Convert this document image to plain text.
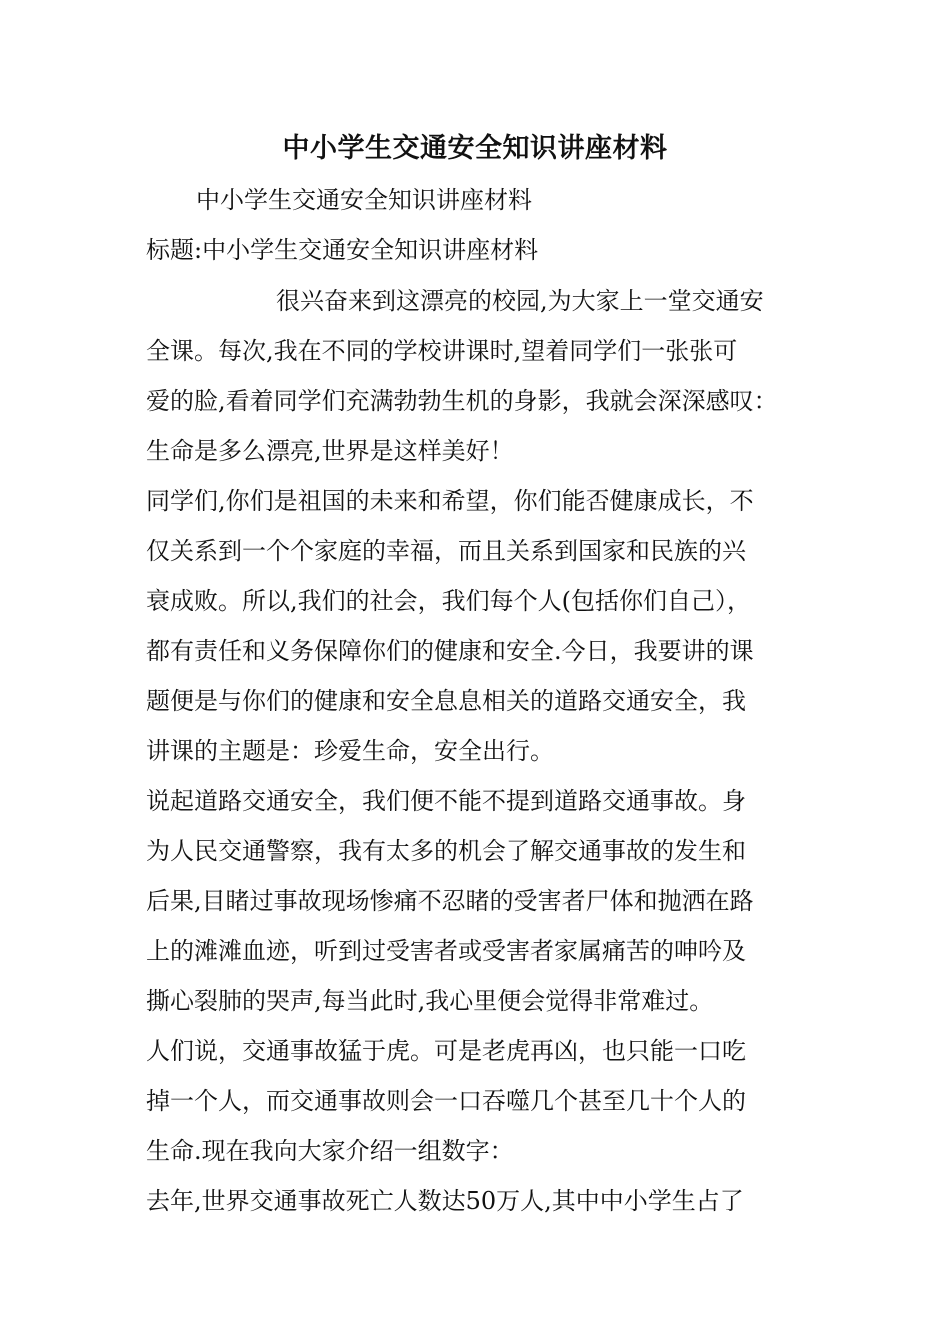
中小学生交通安全知识讲座材料
中小学生交通安全知识讲座材料
标题:中小学生交通安全知识讲座材料
很兴奋来到这漂亮的校园,为大家上一堂交通安
全课。每次,我在不同的学校讲课时,望着同学们一张张可
爱的脸,看着同学们充满勃勃生机的身影，我就会深深感叹：
生命是多么漂亮,世界是这样美好！
同学们,你们是祖国的未来和希望，你们能否健康成长，不
仅关系到一个个家庭的幸福，而且关系到国家和民族的兴
衰成败。所以,我们的社会，我们每个人(包括你们自己），
都有责任和义务保障你们的健康和安全.今日，我要讲的课
题便是与你们的健康和安全息息相关的道路交通安全，我
讲课的主题是：珍爱生命，安全出行。
说起道路交通安全，我们便不能不提到道路交通事故。身
为人民交通警察，我有太多的机会了解交通事故的发生和
后果,目睹过事故现场惨痛不忍睹的受害者尸体和抛洒在路
上的滩滩血迹，听到过受害者或受害者家属痛苦的呻吟及
撕心裂肺的哭声,每当此时,我心里便会觉得非常难过。
人们说，交通事故猛于虎。可是老虎再凶，也只能一口吃
掉一个人，而交通事故则会一口吞噬几个甚至几十个人的
生命.现在我向大家介绍一组数字：
去年,世界交通事故死亡人数达50万人,其中中小学生占了
